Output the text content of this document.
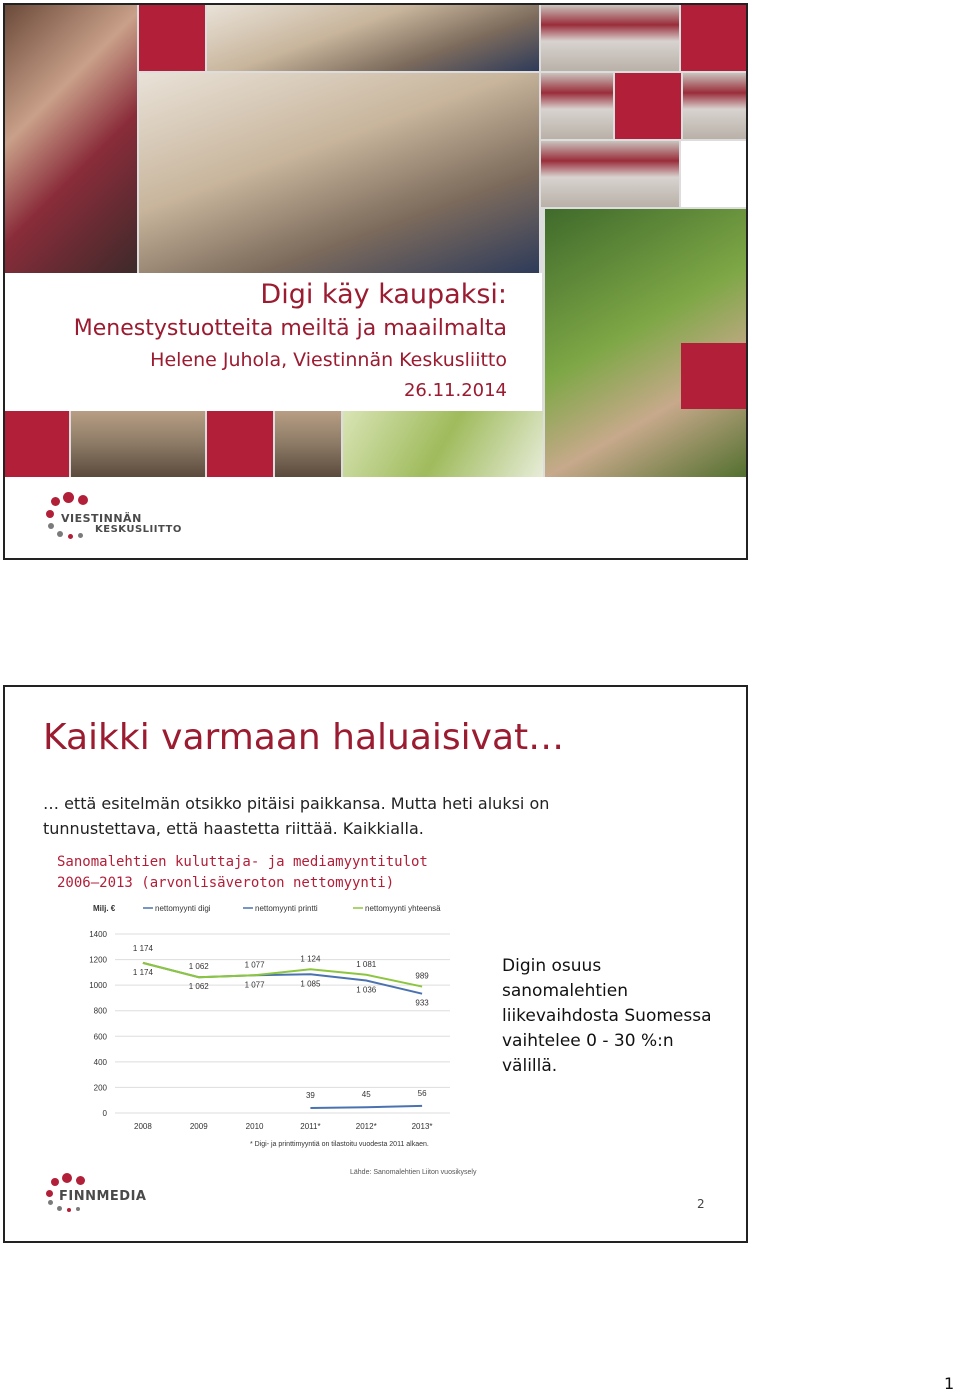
Digi käy kaupaksi:
Menestystuotteita meiltä ja maailmalta
Helene Juhola, Viestinnän Keskusliitto
26.11.2014
VIESTINNÄN
KESKUSLIITTO
Kaikki varmaan haluaisivat…
… että esitelmän otsikko pitäisi paikkansa. Mutta heti aluksi on tunnustettava, että haastetta riittää. Kaikkialla.
Sanomalehtien kuluttaja- ja mediamyyntitulot
2006–2013 (arvonlisäveroton nettomyynti)
Milj. €	nettomyynti digi	nettomyynti printti	nettomyynti yhteensä
0
200
400
600
800
1000
1200
1400
2008	2009	2010	2011*	2012*	2013*
39	45	56
1 174
1 062	1 077	1 085
1 036
933
1 174
1 062	1 077
1 124
1 081
989
* Digi- ja printtimyyntiä on tilastoitu vuodesta 2011 alkaen.
Lähde: Sanomalehtien Liiton vuosikysely
Digin osuus sanomalehtien liikevaihdosta Suomessa vaihtelee 0 - 30 %:n välillä.
FINNMEDIA	2
1
